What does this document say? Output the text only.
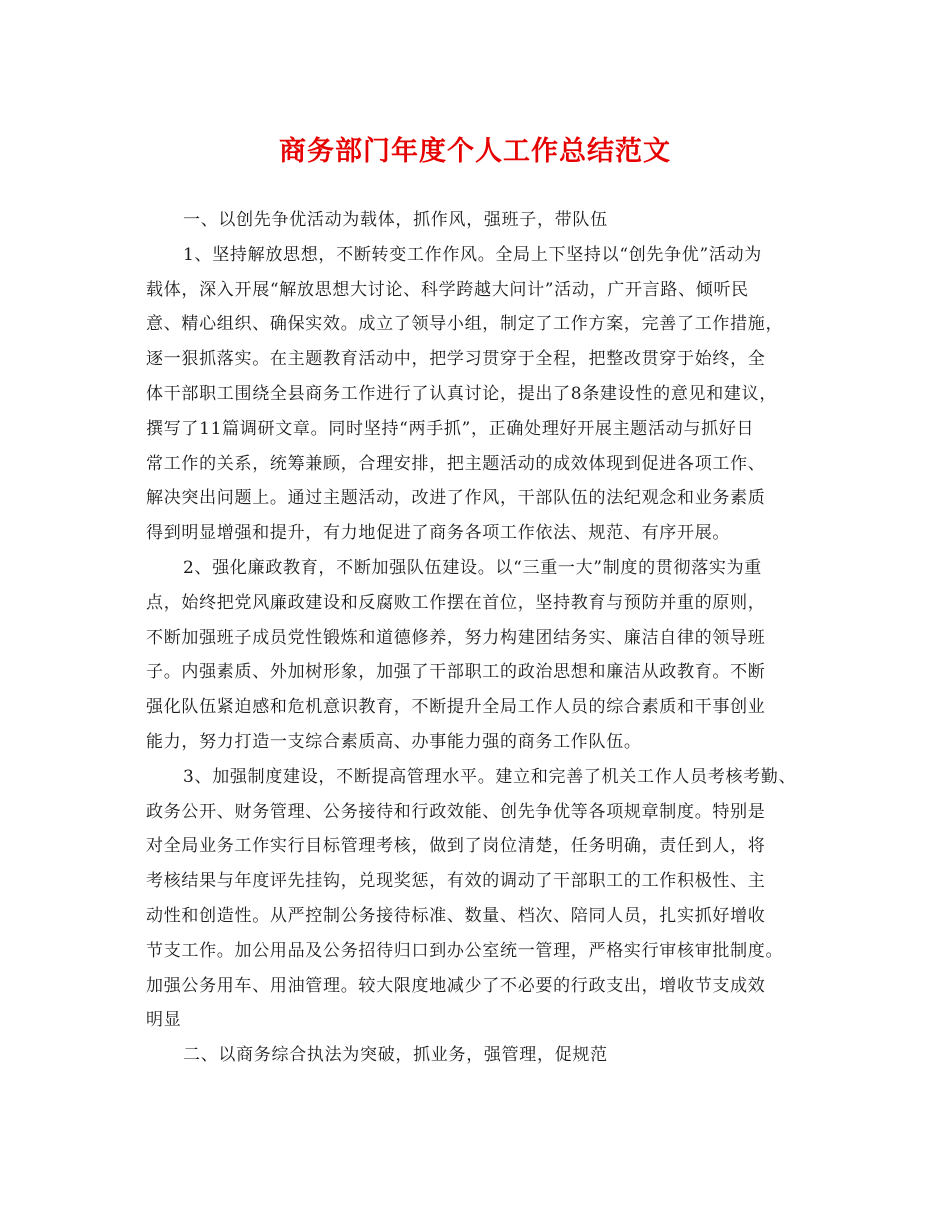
商务部门年度个人工作总结范文
一、以创先争优活动为载体，抓作风，强班子，带队伍
1、坚持解放思想，不断转变工作作风。全局上下坚持以“创先争优”活动为
载体，深入开展“解放思想大讨论、科学跨越大问计”活动，广开言路、倾听民
意、精心组织、确保实效。成立了领导小组，制定了工作方案，完善了工作措施，
逐一狠抓落实。在主题教育活动中，把学习贯穿于全程，把整改贯穿于始终，全
体干部职工围绕全县商务工作进行了认真讨论，提出了8条建设性的意见和建议，
撰写了11篇调研文章。同时坚持“两手抓”，正确处理好开展主题活动与抓好日
常工作的关系，统筹兼顾，合理安排，把主题活动的成效体现到促进各项工作、
解决突出问题上。通过主题活动，改进了作风，干部队伍的法纪观念和业务素质
得到明显增强和提升，有力地促进了商务各项工作依法、规范、有序开展。
2、强化廉政教育，不断加强队伍建设。以“三重一大”制度的贯彻落实为重
点，始终把党风廉政建设和反腐败工作摆在首位，坚持教育与预防并重的原则，
不断加强班子成员党性锻炼和道德修养，努力构建团结务实、廉洁自律的领导班
子。内强素质、外加树形象，加强了干部职工的政治思想和廉洁从政教育。不断
强化队伍紧迫感和危机意识教育，不断提升全局工作人员的综合素质和干事创业
能力，努力打造一支综合素质高、办事能力强的商务工作队伍。
3、加强制度建设，不断提高管理水平。建立和完善了机关工作人员考核考勤、
政务公开、财务管理、公务接待和行政效能、创先争优等各项规章制度。特别是
对全局业务工作实行目标管理考核，做到了岗位清楚，任务明确，责任到人，将
考核结果与年度评先挂钩，兑现奖惩，有效的调动了干部职工的工作积极性、主
动性和创造性。从严控制公务接待标准、数量、档次、陪同人员，扎实抓好增收
节支工作。加公用品及公务招待归口到办公室统一管理，严格实行审核审批制度。
加强公务用车、用油管理。较大限度地减少了不必要的行政支出，增收节支成效
明显
二、以商务综合执法为突破，抓业务，强管理，促规范
